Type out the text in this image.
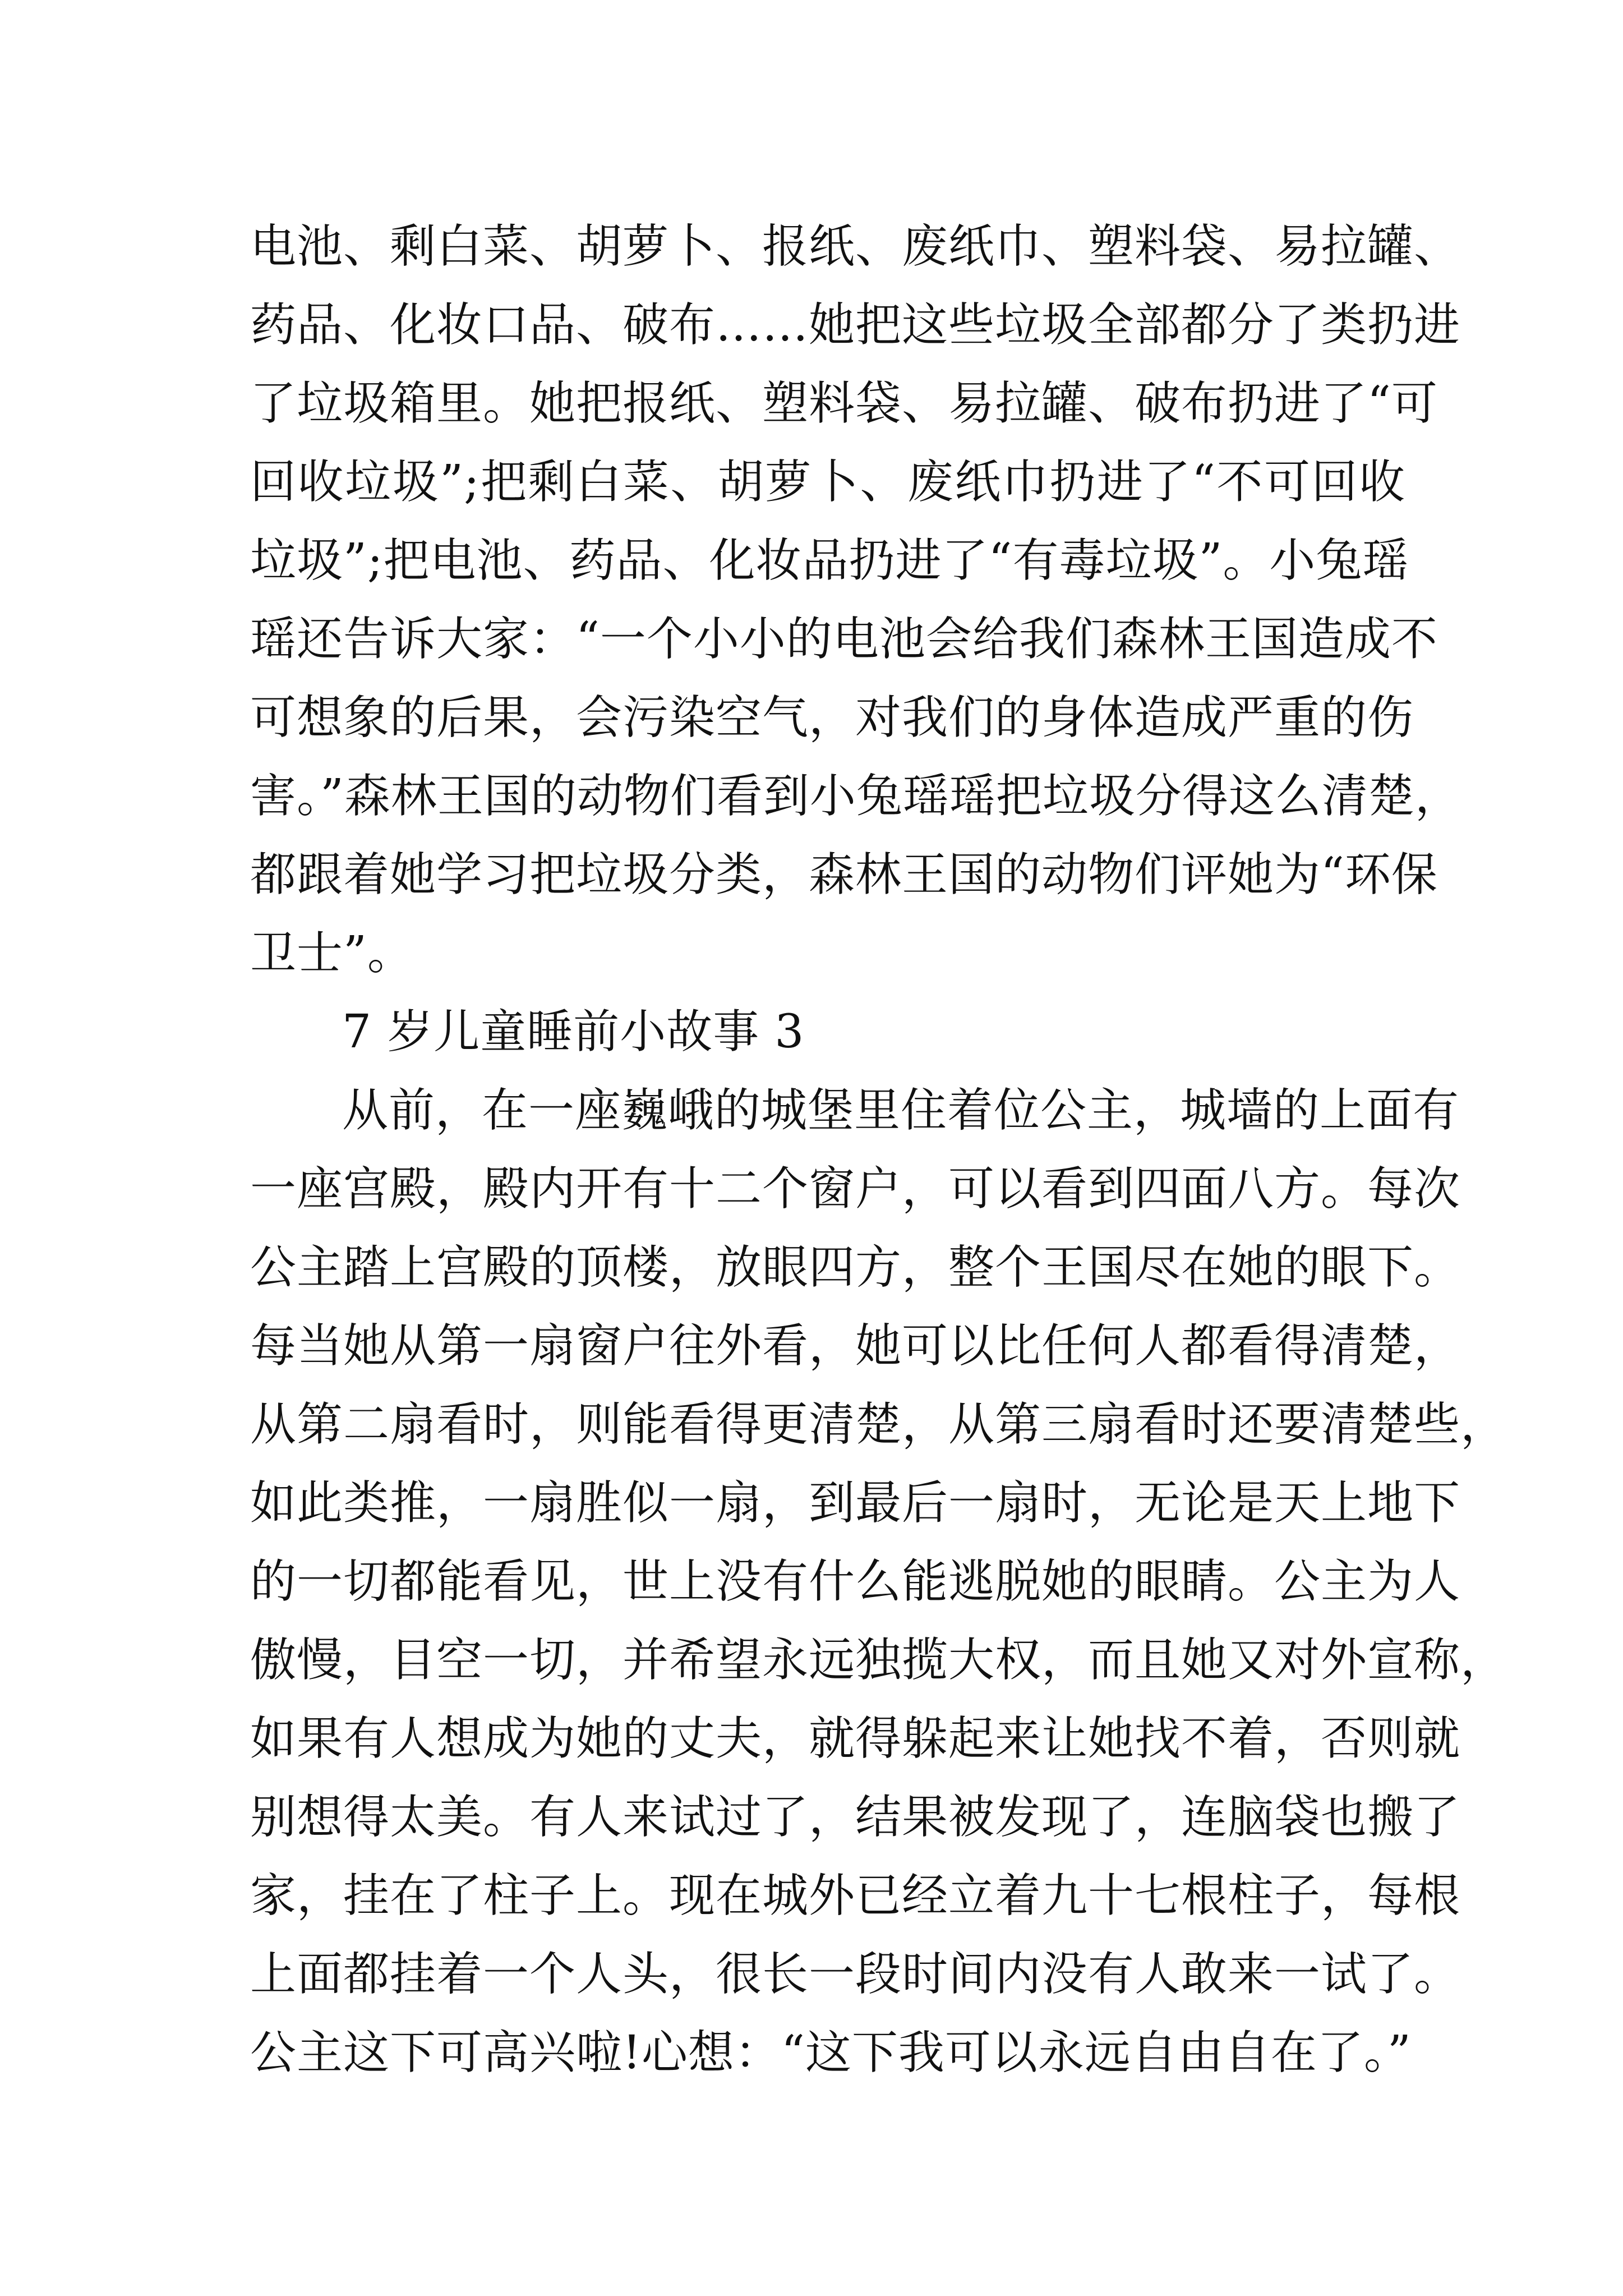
电池、剩白菜、胡萝卜、报纸、废纸巾、塑料袋、易拉罐、
药品、化妆口品、破布……她把这些垃圾全部都分了类扔进
了垃圾箱里。她把报纸、塑料袋、易拉罐、破布扔进了“可
回收垃圾”;把剩白菜、胡萝卜、废纸巾扔进了“不可回收
垃圾”;把电池、药品、化妆品扔进了“有毒垃圾”。小兔瑶
瑶还告诉大家：“一个小小的电池会给我们森林王国造成不
可想象的后果，会污染空气，对我们的身体造成严重的伤
害。”森林王国的动物们看到小兔瑶瑶把垃圾分得这么清楚，
都跟着她学习把垃圾分类，森林王国的动物们评她为“环保
卫士”。
7 岁儿童睡前小故事 3
从前，在一座巍峨的城堡里住着位公主，城墙的上面有
一座宫殿，殿内开有十二个窗户，可以看到四面八方。每次
公主踏上宫殿的顶楼，放眼四方，整个王国尽在她的眼下。
每当她从第一扇窗户往外看，她可以比任何人都看得清楚，
从第二扇看时，则能看得更清楚，从第三扇看时还要清楚些，
如此类推，一扇胜似一扇，到最后一扇时，无论是天上地下
的一切都能看见，世上没有什么能逃脱她的眼睛。公主为人
傲慢，目空一切，并希望永远独揽大权，而且她又对外宣称，
如果有人想成为她的丈夫，就得躲起来让她找不着，否则就
别想得太美。有人来试过了，结果被发现了，连脑袋也搬了
家，挂在了柱子上。现在城外已经立着九十七根柱子，每根
上面都挂着一个人头，很长一段时间内没有人敢来一试了。
公主这下可高兴啦!心想：“这下我可以永远自由自在了。”
